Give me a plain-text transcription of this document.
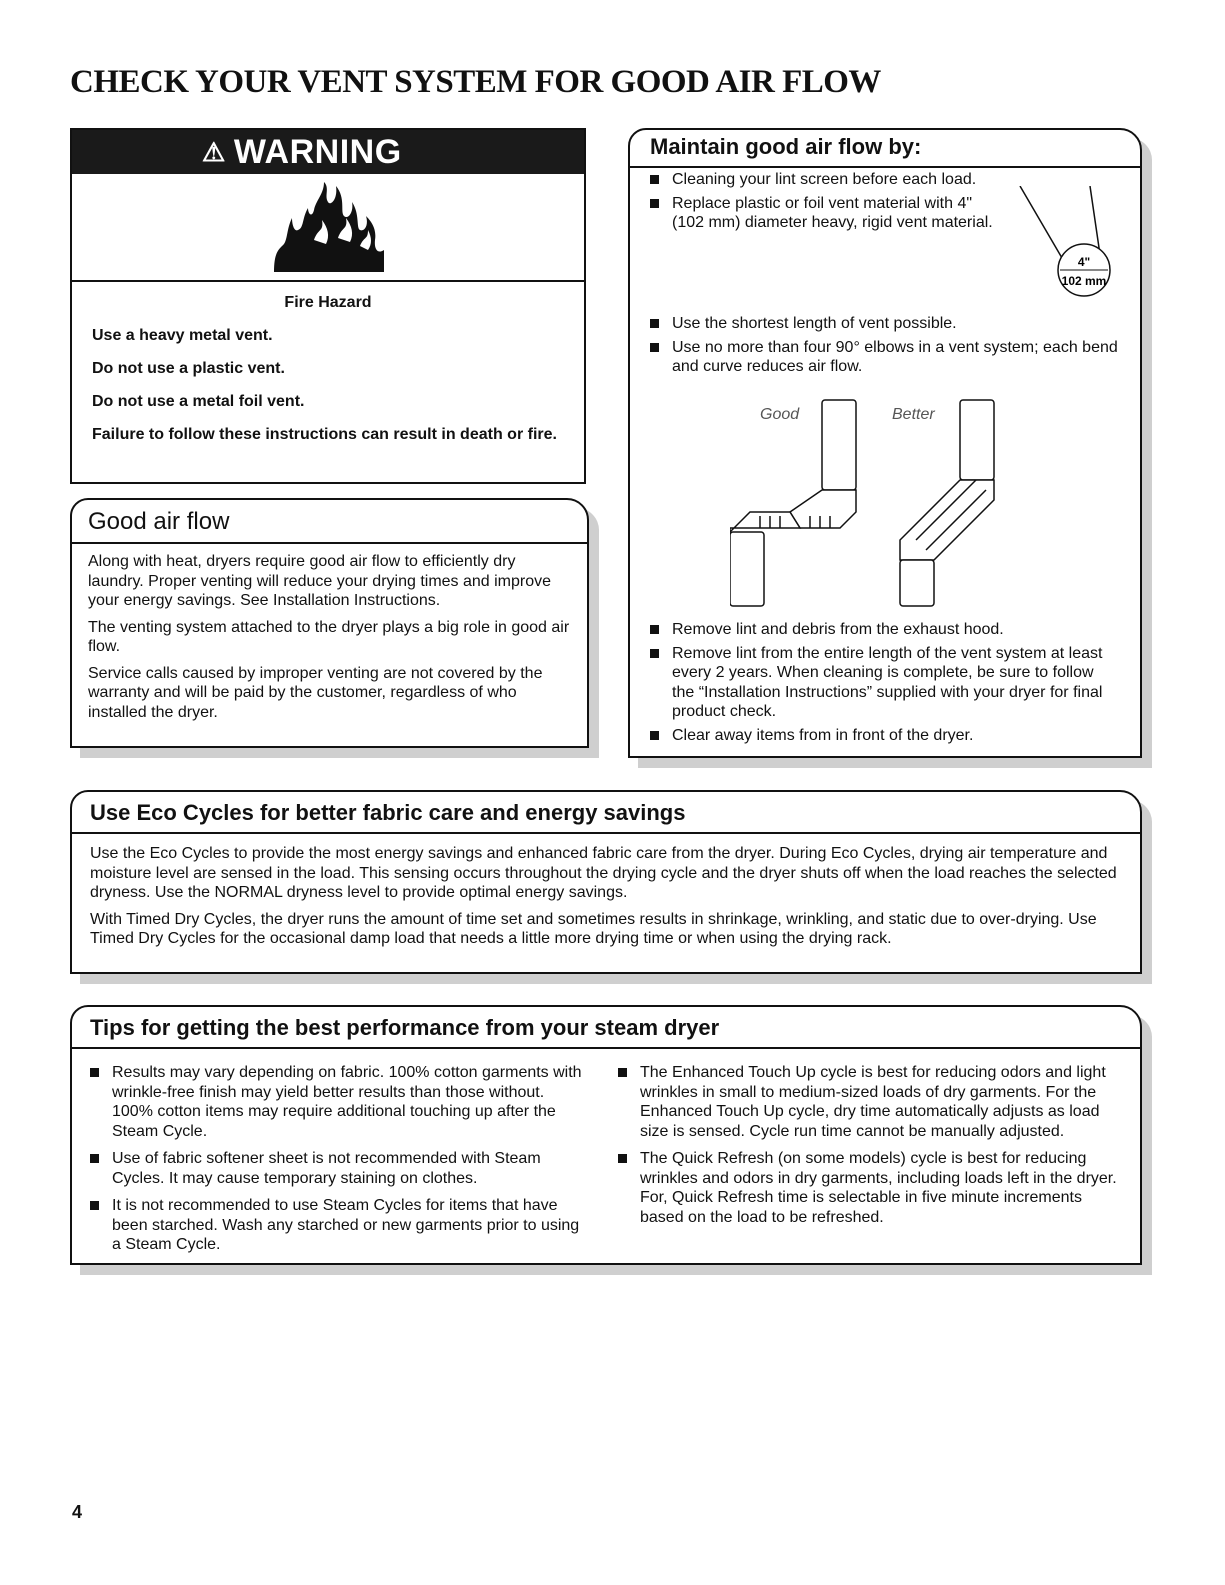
CHECK YOUR VENT SYSTEM FOR GOOD AIR FLOW
⚠ WARNING
Fire Hazard

Use a heavy metal vent.

Do not use a plastic vent.

Do not use a metal foil vent.

Failure to follow these instructions can result in death or fire.

Good air flow

Along with heat, dryers require good air flow to efficiently dry laundry. Proper venting will reduce your drying times and improve your energy savings. See Installation Instructions.

The venting system attached to the dryer plays a big role in good air flow.

Service calls caused by improper venting are not covered by the warranty and will be paid by the customer, regardless of who installed the dryer.

Maintain good air flow by:
Cleaning your lint screen before each load.
Replace plastic or foil vent material with 4" (102 mm) diameter heavy, rigid vent material.
4"
102 mm
Use the shortest length of vent possible.
Use no more than four 90° elbows in a vent system; each bend and curve reduces air flow.
Good	Better
Remove lint and debris from the exhaust hood.
Remove lint from the entire length of the vent system at least every 2 years. When cleaning is complete, be sure to follow the “Installation Instructions” supplied with your dryer for final product check.
Clear away items from in front of the dryer.
Use Eco Cycles for better fabric care and energy savings

Use the Eco Cycles to provide the most energy savings and enhanced fabric care from the dryer. During Eco Cycles, drying air temperature and moisture level are sensed in the load. This sensing occurs throughout the drying cycle and the dryer shuts off when the load reaches the selected dryness. Use the NORMAL dryness level to provide optimal energy savings.

With Timed Dry Cycles, the dryer runs the amount of time set and sometimes results in shrinkage, wrinkling, and static due to over-drying. Use Timed Dry Cycles for the occasional damp load that needs a little more drying time or when using the drying rack.

Tips for getting the best performance from your steam dryer
Results may vary depending on fabric. 100% cotton garments with wrinkle-free finish may yield better results than those without. 100% cotton items may require additional touching up after the Steam Cycle.
Use of fabric softener sheet is not recommended with Steam Cycles. It may cause temporary staining on clothes.
It is not recommended to use Steam Cycles for items that have been starched. Wash any starched or new garments prior to using a Steam Cycle.
The Enhanced Touch Up cycle is best for reducing odors and light wrinkles in small to medium-sized loads of dry garments. For the Enhanced Touch Up cycle, dry time automatically adjusts as load size is sensed. Cycle run time cannot be manually adjusted.
The Quick Refresh (on some models) cycle is best for reducing wrinkles and odors in dry garments, including loads left in the dryer. For, Quick Refresh time is selectable in five minute increments based on the load to be refreshed.
4
